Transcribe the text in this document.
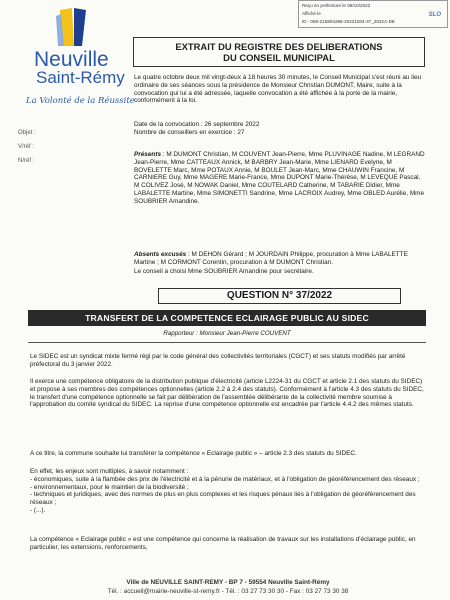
Reçu en préfecture le 06/10/2022
Affiché le
ID : 059-215904285-20221004-37_2022A-DE
SLO
Neuville
Saint-Rémy
La Volonté de la Réussite
Objet :
V/réf :
N/réf :
EXTRAIT DU REGISTRE DES DELIBERATIONS
DU CONSEIL MUNICIPAL
Le quatre octobre deux mil vingt-deux à 18 heures 30 minutes, le Conseil Municipal s'est réuni au lieu ordinaire de ses séances sous la présidence de Monsieur Christian DUMONT, Maire, suite à la convocation qui lui a été adressée, laquelle convocation a été affichée à la porte de la mairie, conformément à la loi.
Date de la convocation : 26 septembre 2022
Nombre de conseillers en exercice : 27
Présents : M DUMONT Christian, M COUVENT Jean-Pierre, Mme PLUVINAGE Nadine, M LEGRAND Jean-Pierre, Mme CATTEAUX Annick, M BARBRY Jean-Marie, Mme LIENARD Evelyne, M BOVELETTE Marc, Mme POTAUX Annie, M BOULET Jean-Marc, Mme CHAUWIN Francine, M CARNIERE Guy, Mme MAGERE Marie-France, Mme DUPONT Marie-Thérèse, M LEVEQUE Pascal, M COLIVEZ José, M NOWAK Daniel, Mme COUTELARD Catherine, M TABARIE Didier, Mme LABALETTE Martine, Mme SIMONETTI Sandrine, Mme LACROIX Audrey, Mme OBLED Aurélie, Mme SOUBRIER Amandine.
Absents excusés : M DEHON Gérard ; M JOURDAIN Philippe, procuration à Mme LABALETTE Martine ; M CORMONT Corentin, procuration à M DUMONT Christian.
Le conseil a choisi Mme SOUBRIER Amandine pour secrétaire.
QUESTION N° 37/2022
TRANSFERT DE LA COMPETENCE ECLAIRAGE PUBLIC AU SIDEC
Rapporteur : Monsieur Jean-Pierre COUVENT
Le SIDEC est un syndicat mixte fermé régi par le code général des collectivités territoriales (CGCT) et ses statuts modifiés par arrêté préfectoral du 3 janvier 2022.
Il exerce une compétence obligatoire de la distribution publique d'électricité (article L2224-31 du CGCT et article 2.1 des statuts du SIDEC) et propose à ses membres des compétences optionnelles (article 2.2 à 2.4 des statuts). Conformément à l'article 4.3 des statuts du SIDEC, le transfert d'une compétence optionnelle se fait par délibération de l'assemblée délibérante de la collectivité membre soumise à l'approbation du comité syndical du SIDEC. La reprise d'une compétence optionnelle est encadrée par l'article 4.4.2 des mêmes statuts.
A ce titre, la commune souhaite lui transférer la compétence « Eclairage public » – article 2.3 des statuts du SIDEC.
En effet, les enjeux sont multiples, à savoir notamment :
- économiques, suite à la flambée des prix de l'électricité et à la pénurie de matériaux, et à l'obligation de géoréférencement des réseaux ;
- environnementaux, pour le maintien de la biodiversité ;
- techniques et juridiques, avec des normes de plus en plus complexes et les risques pénaux liés à l'obligation de géoréférencement des réseaux ;
- (...).
La compétence « Eclairage public » est une compétence qui concerne la réalisation de travaux sur les installations d'éclairage public, en particulier, les extensions, renforcements,
Ville de NEUVILLE SAINT-REMY - BP 7 - 59554 Neuville Saint-Rémy
Tél. : accueil@mairie-neuville-st-remy.fr - Tél. : 03 27 73 30 30 - Fax : 03 27 73 30 38
